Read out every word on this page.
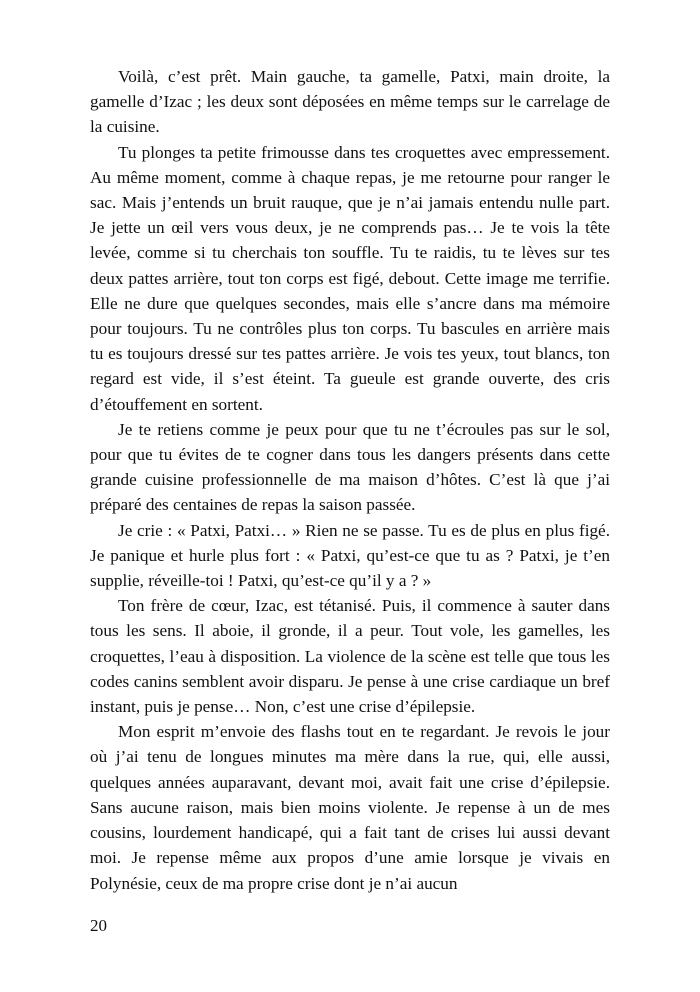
Voilà, c’est prêt. Main gauche, ta gamelle, Patxi, main droite, la gamelle d’Izac ; les deux sont déposées en même temps sur le carrelage de la cuisine.

Tu plonges ta petite frimousse dans tes croquettes avec empressement. Au même moment, comme à chaque repas, je me retourne pour ranger le sac. Mais j’entends un bruit rauque, que je n’ai jamais entendu nulle part. Je jette un œil vers vous deux, je ne comprends pas… Je te vois la tête levée, comme si tu cherchais ton souffle. Tu te raidis, tu te lèves sur tes deux pattes arrière, tout ton corps est figé, debout. Cette image me terrifie. Elle ne dure que quelques secondes, mais elle s’ancre dans ma mémoire pour toujours. Tu ne contrôles plus ton corps. Tu bascules en arrière mais tu es toujours dressé sur tes pattes arrière. Je vois tes yeux, tout blancs, ton regard est vide, il s’est éteint. Ta gueule est grande ouverte, des cris d’étouffement en sortent.

Je te retiens comme je peux pour que tu ne t’écroules pas sur le sol, pour que tu évites de te cogner dans tous les dangers présents dans cette grande cuisine professionnelle de ma maison d’hôtes. C’est là que j’ai préparé des centaines de repas la saison passée.

Je crie : « Patxi, Patxi… » Rien ne se passe. Tu es de plus en plus figé. Je panique et hurle plus fort : « Patxi, qu’est-ce que tu as ? Patxi, je t’en supplie, réveille-toi ! Patxi, qu’est-ce qu’il y a ? »

Ton frère de cœur, Izac, est tétanisé. Puis, il commence à sauter dans tous les sens. Il aboie, il gronde, il a peur. Tout vole, les gamelles, les croquettes, l’eau à disposition. La violence de la scène est telle que tous les codes canins semblent avoir disparu. Je pense à une crise cardiaque un bref instant, puis je pense… Non, c’est une crise d’épilepsie.

Mon esprit m’envoie des flashs tout en te regardant. Je revois le jour où j’ai tenu de longues minutes ma mère dans la rue, qui, elle aussi, quelques années auparavant, devant moi, avait fait une crise d’épilepsie. Sans aucune raison, mais bien moins violente. Je repense à un de mes cousins, lourdement handicapé, qui a fait tant de crises lui aussi devant moi. Je repense même aux propos d’une amie lorsque je vivais en Polynésie, ceux de ma propre crise dont je n’ai aucun

20
